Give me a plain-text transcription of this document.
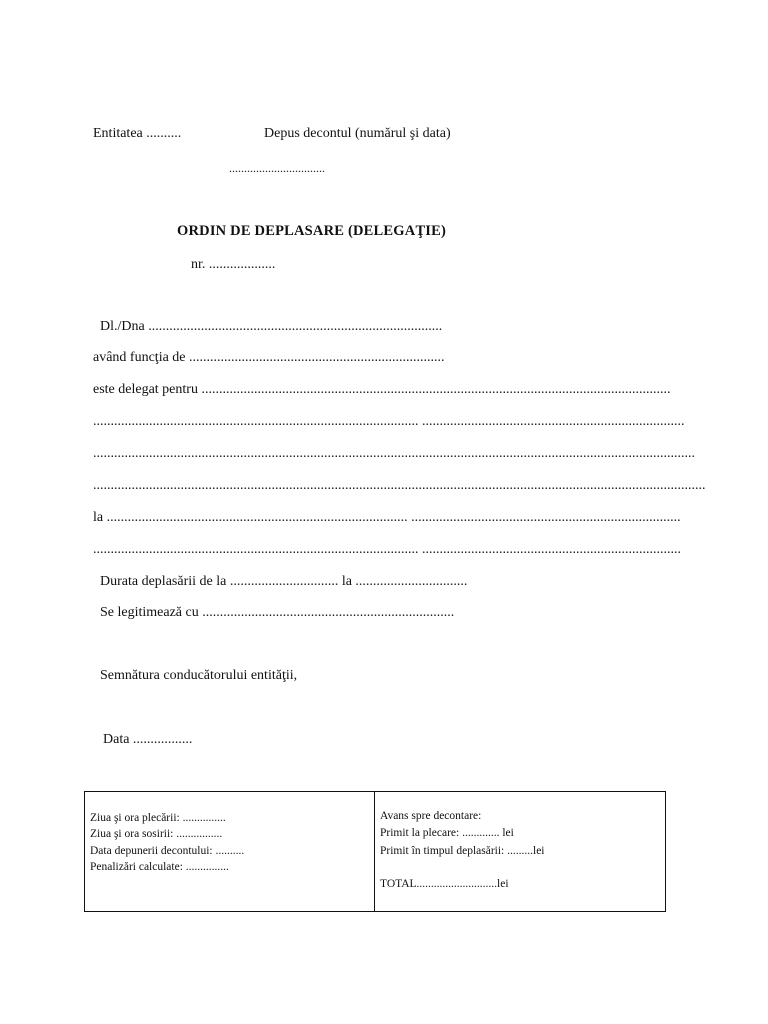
Entitatea ..........	Depus decontul (numărul şi data)
................................
ORDIN DE DEPLASARE (DELEGAŢIE)
nr. ...................
Dl./Dna ....................................................................................
având funcţia de .........................................................................
este delegat pentru ......................................................................................................................................
............................................................................................. ...........................................................................
............................................................................................................................................................................
...............................................................................................................................................................................
la ...................................................................................... .............................................................................
............................................................................................. ..........................................................................
Durata deplasării de la ............................... la ................................
Se legitimează cu ........................................................................
Semnătura conducătorului entităţii,
Data .................
Ziua şi ora plecării: ...............
Ziua şi ora sosirii: ................
Data depunerii decontului: ..........
Penalizări calculate: ...............
Avans spre decontare:
Primit la plecare: ............. lei
Primit în timpul deplasării: .........lei
TOTAL............................lei
